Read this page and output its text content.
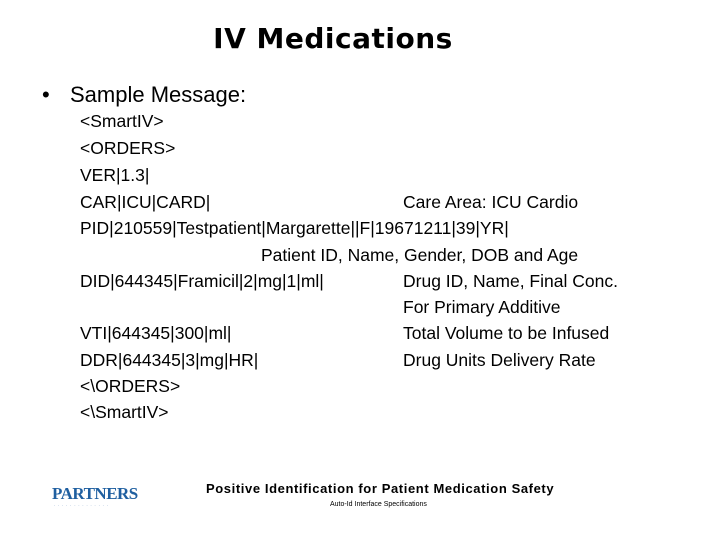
IV Medications
• Sample Message:
<SmartIV>
<ORDERS>
VER|1.3|
CAR|ICU|CARD|	Care Area: ICU Cardio
PID|210559|Testpatient|Margarette||F|19671211|39|YR|
Patient ID, Name, Gender, DOB and Age
DID|644345|Framicil|2|mg|1|ml|	Drug ID, Name, Final Conc.
For Primary Additive
VTI|644345|300|ml|	Total Volume to be Infused
DDR|644345|3|mg|HR|	Drug Units Delivery Rate
<\ORDERS>
<\SmartIV>
PARTNERS
· · · · · · · · · · · · · ·
Positive Identification for Patient Medication Safety
Auto-Id Interface Specifications
